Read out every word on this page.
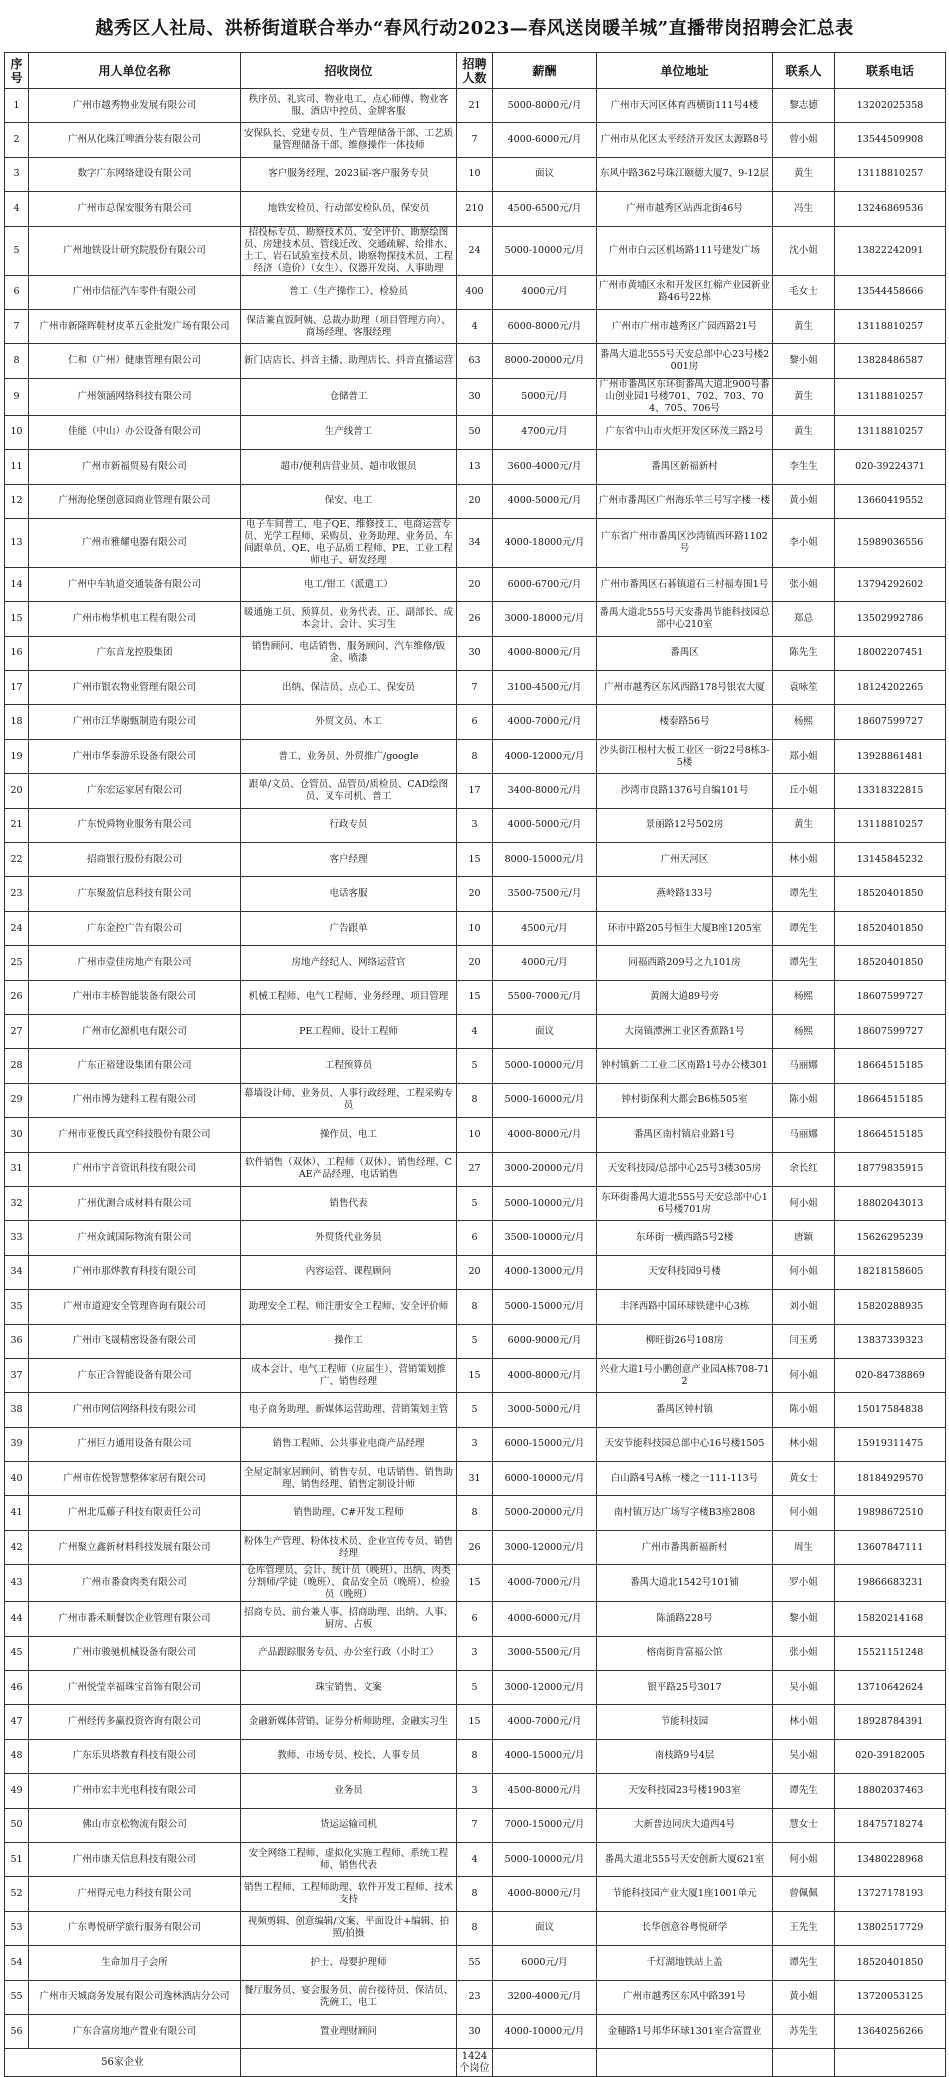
越秀区人社局、洪桥街道联合举办“春风行动2023—春风送岗暖羊城”直播带岗招聘会汇总表
序号	用人单位名称	招收岗位	招聘人数	薪酬	单位地址	联系人	联系电话
1	广州市越秀物业发展有限公司	秩序员、礼宾司、物业电工、点心师傅、物业客服、酒店中控员、金牌客服	21	5000-8000元/月	广州市天河区体育西横街111号4楼	黎志德	13202025358
2	广州从化珠江啤酒分装有限公司	安保队长、党建专员、生产管理储备干部、工艺质量管理储备干部、维修操作一体技师	7	4000-6000元/月	广州市从化区太平经济开发区太源路8号	曾小姐	13544509908
3	数字广东网络建设有限公司	客户服务经理、2023届-客户服务专员	10	面议	东风中路362号珠江颐德大厦7、9-12层	黄生	13118810257
4	广州市总保安服务有限公司	地铁安检员、行动部安检队员、保安员	210	4500-6500元/月	广州市越秀区站西北街46号	冯生	13246869536
5	广州地铁设计研究院股份有限公司	招投标专员、勘察技术员、安全评价、勘察绘图员、房建技术员、管线迁改、交通疏解、给排水、土工、岩石试验室技术员、勘察物探技术员、工程经济（造价）（女生）、仪器开发岗、人事助理	24	5000-10000元/月	广州市白云区机场路111号建发广场	沈小姐	13822242091
6	广州市信征汽车零件有限公司	普工（生产操作工）、检验员	400	4000元/月	广州市黄埔区永和开发区红棉产业园新业路46号22栋	毛女士	13544458666
7	广州市新隆晖鞋材皮革五金批发广场有限公司	保洁兼直饭阿姨、总裁办助理（项目管理方向）、商场经理、客服经理	4	6000-8000元/月	广州市广州市越秀区广园西路21号	黄生	13118810257
8	仁和（广州）健康管理有限公司	新门店店长、抖音主播、助理店长、抖音直播运营	63	8000-20000元/月	番禺大道北555号天安总部中心23号楼2001房	黎小姐	13828486587
9	广州领涵网络科技有限公司	仓储普工	30	5000元/月	广州市番禺区东环街番禺大道北900号番山创业园1号楼701、702、703、704、705、706号	黄生	13118810257
10	佳能（中山）办公设备有限公司	生产线普工	50	4700元/月	广东省中山市火炬开发区环茂三路2号	黄生	13118810257
11	广州市新福贸易有限公司	超市/便利店营业员、超市收银员	13	3600-4000元/月	番禺区新福新村	李生生	020-39224371
12	广州海伦堡创意园商业管理有限公司	保安、电工	20	4000-5000元/月	广州市番禺区广州海乐苹三号写字楼一楼	黄小姐	13660419552
13	广州市雅耀电器有限公司	电子车间普工、电子QE、维修技工、电商运营专员、光学工程师、采购员、业务助理、业务员、车间跟单员、QE、电子品质工程师、PE、工业工程师电子、研发经理	34	4000-18000元/月	广东省广州市番禺区沙湾镇西环路1102号	李小姐	15989036556
14	广州中车轨道交通装备有限公司	电工/钳工（派遣工）	20	6000-6700元/月	广州市番禺区石碁镇道石三村福寿围1号	张小姐	13794292602
15	广州市梅华机电工程有限公司	暖通施工员、预算员、业务代表、正、副部长、成本会计、会计、实习生	26	3000-18000元/月	番禺大道北555号天安番禺节能科技园总部中心210室	郑总	13502992786
16	广东音龙控股集团	销售顾问、电话销售、服务顾问、汽车维修/钣金、喷漆	30	4000-8000元/月	番禺区	陈先生	18002207451
17	广州市银农物业管理有限公司	出纳、保洁员、点心工、保安员	7	3100-4500元/月	广州市越秀区东风西路178号银农大厦	袁咏笙	18124202265
18	广州市江华谢甄制造有限公司	外贸文员、木工	6	4000-7000元/月	楼泰路56号	杨熙	18607599727
19	广州市华泰游乐设备有限公司	普工、业务员、外贸推广/google	8	4000-12000元/月	沙头街江根村大板工业区一街22号8栋3-5楼	郑小姐	13928861481
20	广东宏运家居有限公司	跟单/文员、仓管员、品管员/质检员、CAD绘图员、叉车司机、普工	17	3400-8000元/月	沙湾市良路1376号自编101号	丘小姐	13318322815
21	广东悦舜物业服务有限公司	行政专员	3	4000-5000元/月	景丽路12号502房	黄生	13118810257
22	招商银行股份有限公司	客户经理	15	8000-15000元/月	广州天河区	林小姐	13145845232
23	广东聚盈信息科技有限公司	电话客服	20	3500-7500元/月	燕岭路133号	谭先生	18520401850
24	广东金控广告有限公司	广告跟单	10	4500元/月	环市中路205号恒生大厦B座1205室	谭先生	18520401850
25	广州市壹佳房地产有限公司	房地产经纪人、网络运营官	20	4000元/月	同福西路209号之九101房	谭先生	18520401850
26	广州市丰桥智能装备有限公司	机械工程师、电气工程师、业务经理、项目管理	15	5500-7000元/月	黄阁大道89号旁	杨熙	18607599727
27	广州市亿源机电有限公司	PE工程师、设计工程师	4	面议	大岗镇潭洲工业区香蕉路1号	杨熙	18607599727
28	广东正裕建设集团有限公司	工程预算员	5	5000-10000元/月	钟村镇新二工业二区南路1号办公楼301	马丽娜	18664515185
29	广州市博为建科工程有限公司	幕墙设计师、业务员、人事行政经理、工程采购专员	8	5000-16000元/月	钟村街保利大都会B6栋505室	陈小姐	18664515185
30	广州市亚俊氏真空科技股份有限公司	操作员、电工	10	4000-8000元/月	番禺区南村镇启业路1号	马丽娜	18664515185
31	广州市宇音资讯科技有限公司	软件销售（双休）、工程师（双休）、销售经理、CAE产品经理、电话销售	27	3000-20000元/月	天安科技园/总部中心25号3楼305房	余长红	18779835915
32	广州优测合成材料有限公司	销售代表	5	5000-10000元/月	东环街番禺大道北555号天安总部中心16号楼701房	何小姐	18802043013
33	广州众诚国际物流有限公司	外贸货代业务员	6	3500-10000元/月	东环街一横西路5号2楼	唐颖	15626295239
34	广州市那烨教育科技有限公司	内容运营、课程顾问	20	4000-13000元/月	天安科技园9号楼	何小姐	18218158605
35	广州市道迎安全管理咨询有限公司	助理安全工程、师注册安全工程师、安全评价师	8	5000-15000元/月	丰泽西路中国环球铁建中心3栋	刘小姐	15820288935
36	广州市飞晟精密设备有限公司	操作工	5	6000-9000元/月	柳旺街26号108房	闫玉勇	13837339323
37	广东正合智能设备有限公司	成本会计、电气工程师（应届生）、营销策划推广、销售经理	15	4000-8000元/月	兴业大道1号小鹏创意产业园A栋708-712	何小姐	020-84738869
38	广州市网信网络科技有限公司	电子商务助理、新媒体运营助理、营销策划主管	5	3000-5000元/月	番禺区钟村镇	陈小姐	15017584838
39	广州巨力通用设备有限公司	销售工程师、公共事业电商产品经理	3	6000-15000元/月	天安节能科技园总部中心16号楼1505	林小姐	15919311475
40	广州市佐悦智慧整体家居有限公司	全屋定制家居顾问、销售专员、电话销售、销售助理、销售经理、销售定制设计师	31	6000-10000元/月	白山路4号A栋一楼之一111-113号	黄女士	18184929570
41	广州北瓜藤子科技有限责任公司	销售助理、C#开发工程师	8	5000-20000元/月	南村镇万达广场写字楼B3座2808	何小姐	19898672510
42	广州聚立鑫新材料科技发展有限公司	粉体生产管理、粉体技术员、企业宣传专员、销售经理	26	3000-12000元/月	广州市番禺新福新村	周生	13607847111
43	广州市番食肉类有限公司	仓库管理员、会计、统计员（晚班）、出纳、肉类分割师/学徒（晚班）、食品安全员（晚班）、检验员（晚班）	15	4000-7000元/月	番禺大道北1542号101铺	罗小姐	19866683231
44	广州市番禾顺餐饮企业管理有限公司	招商专员、前台兼人事、招商助理、出纳、人事、厨房、占板	6	4000-6000元/月	陈涌路228号	黎小姐	15820214168
45	广州市骏驰机械设备有限公司	产品跟踪服务专员、办公室行政（小时工）	3	3000-5500元/月	榕南街肯富福公馆	张小姐	15521151248
46	广州悦莹幸福珠宝首饰有限公司	珠宝销售、文案	5	3000-12000元/月	银平路25号3017	吴小姐	13710642624
47	广州经传多赢投资咨询有限公司	金融新媒体营销、证券分析师助理、金融实习生	15	4000-7000元/月	节能科技园	林小姐	18928784391
48	广东乐贝塔教育科技有限公司	教师、市场专员、校长、人事专员	8	4000-15000元/月	南枝路9号4层	吴小姐	020-39182005
49	广州市宏丰光电科技有限公司	业务员	3	4500-8000元/月	天安科技园23号楼1903室	谭先生	18802037463
50	佛山市京松物流有限公司	货运运输司机	7	7000-15000元/月	大新普边同庆大道西4号	慧女士	18475718274
51	广州市康天信息科技有限公司	安全网络工程师、虚拟化实施工程师、系统工程师、销售代表	4	5000-10000元/月	番禺大道北555号天安创新大厦621室	何小姐	13480228968
52	广州得元电力科技有限公司	销售工程师、工程师助理、软件开发工程师、技术支持	8	4000-8000元/月	节能科技园产业大厦1座1001单元	曾佩佩	13727178193
53	广东粤悦研学旅行服务有限公司	视频剪辑、创意编辑/文案、平面设计+编辑、拍照/拍摄	8	面议	长华创意谷粤悦研学	王先生	13802517729
54	生命加月子会所	护士、母婴护理师	55	6000元/月	千灯湖地铁站上盖	谭先生	18520401850
55	广州市天城商务发展有限公司逸林酒店分公司	餐厅服务员、宴会服务员、前台接待员、保洁员、洗碗工、电工	23	3200-4000元/月	广州市越秀区东风中路391号	黄小姐	13720053125
56	广东合富房地产置业有限公司	置业理财顾问	30	4000-10000元/月	金穗路1号邦华环球1301室合富置业	苏先生	13640256266
56家企业			1424个岗位				
